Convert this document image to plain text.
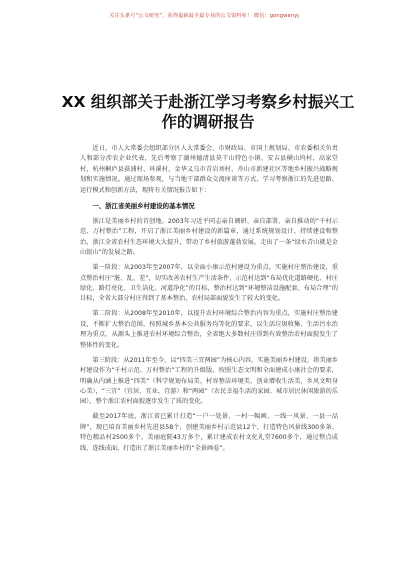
关注头条号“公文研究”，获得最新最全最专业的公文资料库！ 微信：gongwenyj
XX 组织部关于赴浙江学习考察乡村振兴工
作的调研报告

近日，市人大常委会组织部分区人大常委会、市财政局、市国土规划局、市农委相关负责人和部分涉农企业代表，先后考察了湖州德清县莫干山特色小镇、安吉县横山坞村、高家堂村，杭州桐庐县荻浦村、环溪村，金华义乌市青岩刘村，舟山市新建社区等地乡村振兴战略规划和实施情况。通过现场参观，与当地干部群众交流座谈等方式，学习考察浙江的先进思路、运行模式和创新方法，现将有关情况报告如下：

一、浙江省美丽乡村建设的基本情况

浙江是美丽乡村的首创地。2003年习近平同志亲自调研、亲自部署、亲自推动的“千村示范、万村整治”工程，开启了浙江美丽乡村建设的新篇章，通过系统规划设计、持续建设和整治，浙江全省农村生态环境大大提升，带动了乡村旅游蓬勃发展，走出了一条“绿水青山就是金山银山”的发展之路。

第一阶段：从2003年至2007年，以全面小康示范村建设为重点，实施村庄整治建设，重点整治村庄“脏、乱、差”，切实改善农村生产生活条件，示范村达到“布局优化道路硬化、村庄绿化、路灯亮化、卫生洁化、河道净化”的目标，整治村达到“环境整洁设施配套、布局合理”的目标，全省大部分村庄得到了基本整治，农村局部面貌发生了较大的变化。

第二阶段：从2008年至2010年，以提升农村环境综合整治内容为重点，实施村庄整治建设，不断扩大整治范围，按照城乡基本公共服务均等化的要求，以生活垃圾收集、生活污水治理为重点，从源头上推进农村环境综合整治，全省绝大多数村庄得到有效整治农村面貌发生了整体性的变化。

第三阶段：从2011年至今，以“四美三宜两园”为核心内容，实施美丽乡村建设，将美丽乡村建设作为“千村示范、万村整治”工程的升级版，按照生态文明和全面建成小康社会的要求，明确从内涵上推进“四美”（科学规划布局美、村容整洁环境美、创业增收生活美、乡风文明身心美），“三宜”（宜居、宜业、宜游）和“两园”（农民幸福生活的家园、城市居民休闲旅游的乐园），整个浙江农村面貌逐步发生了质的变化。

截至2017年底，浙江省已累计打造“一户一处景、一村一幅画、一线一风景、一县一品牌”，现已培育美丽乡村先进县58个，创建美丽乡村示范县12个，打造特色风景线300多条、特色精品村2500多个、美丽庭院43万多个，累计建成农村文化礼堂7600多个，通过整点成线、连线成面，打造出了浙江美丽乡村的“全景画卷”。
